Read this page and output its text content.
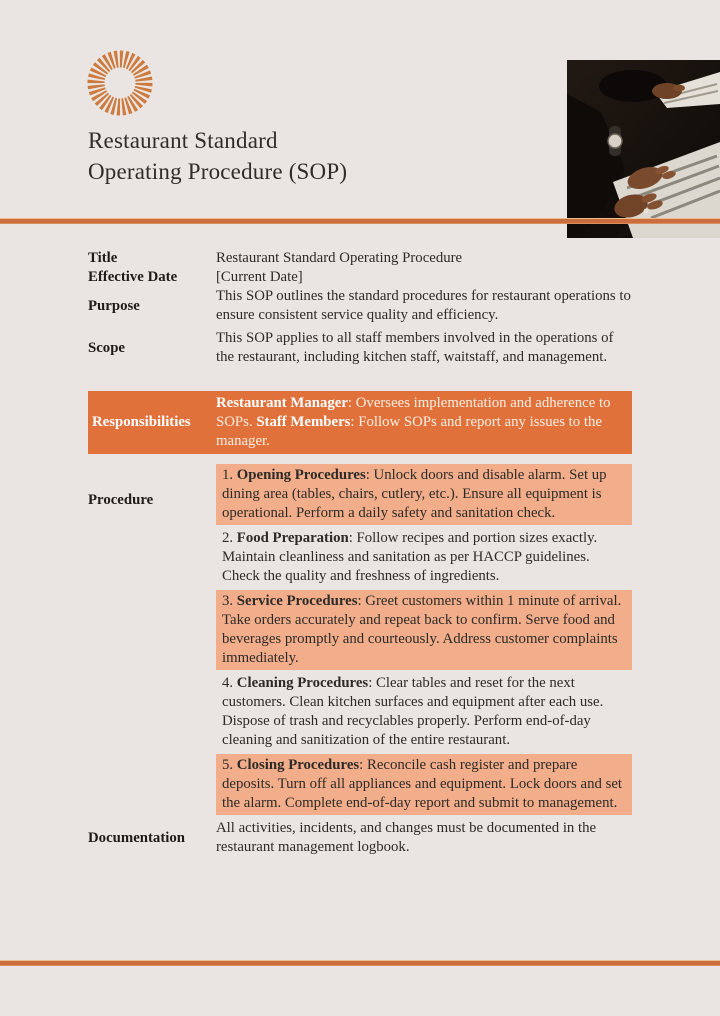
Restaurant Standard
Operating Procedure (SOP)
Title	Restaurant Standard Operating Procedure
Effective Date	[Current Date]
Purpose
This SOP outlines the standard procedures for restaurant operations to ensure consistent service quality and efficiency.
Scope
This SOP applies to all staff members involved in the operations of the restaurant, including kitchen staff, waitstaff, and management.
Responsibilities
Restaurant Manager: Oversees implementation and adherence to SOPs. Staff Members: Follow SOPs and report any issues to the manager.
Procedure
1. Opening Procedures: Unlock doors and disable alarm. Set up dining area (tables, chairs, cutlery, etc.). Ensure all equipment is operational. Perform a daily safety and sanitation check.
2. Food Preparation: Follow recipes and portion sizes exactly. Maintain cleanliness and sanitation as per HACCP guidelines. Check the quality and freshness of ingredients.
3. Service Procedures: Greet customers within 1 minute of arrival. Take orders accurately and repeat back to confirm. Serve food and beverages promptly and courteously. Address customer complaints immediately.
4. Cleaning Procedures: Clear tables and reset for the next customers. Clean kitchen surfaces and equipment after each use. Dispose of trash and recyclables properly. Perform end-of-day cleaning and sanitization of the entire restaurant.
5. Closing Procedures: Reconcile cash register and prepare deposits. Turn off all appliances and equipment. Lock doors and set the alarm. Complete end-of-day report and submit to management.
Documentation
All activities, incidents, and changes must be documented in the restaurant management logbook.
